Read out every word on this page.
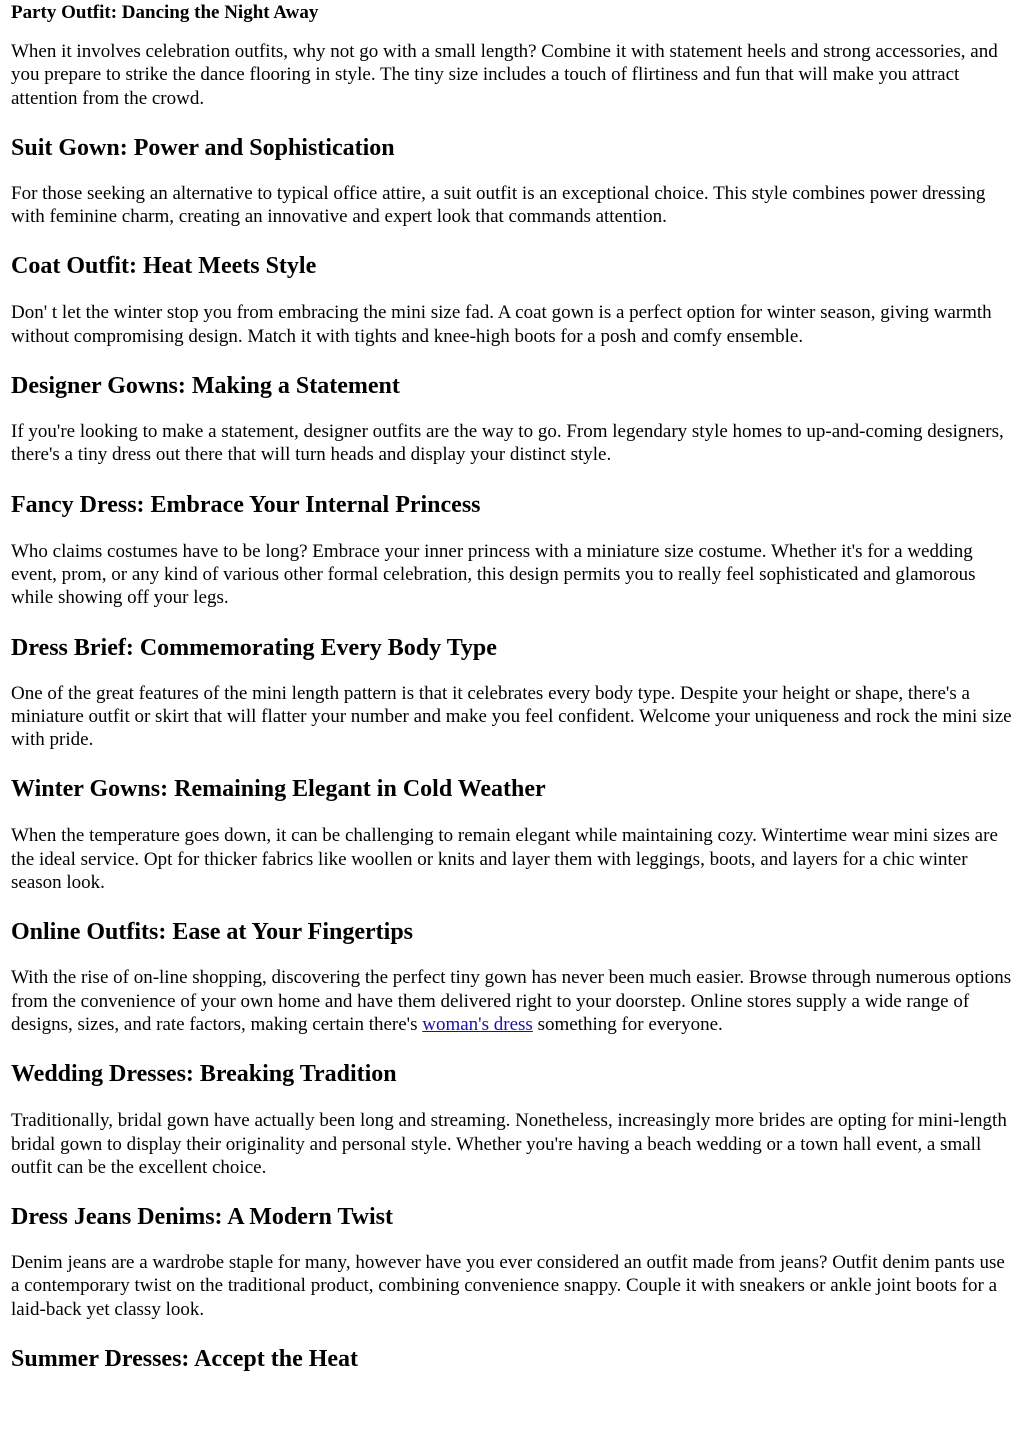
Party Outfit: Dancing the Night Away

When it involves celebration outfits, why not go with a small length? Combine it with statement heels and strong accessories, and you prepare to strike the dance flooring in style. The tiny size includes a touch of flirtiness and fun that will make you attract attention from the crowd.

Suit Gown: Power and Sophistication

For those seeking an alternative to typical office attire, a suit outfit is an exceptional choice. This style combines power dressing with feminine charm, creating an innovative and expert look that commands attention.

Coat Outfit: Heat Meets Style

Don' t let the winter stop you from embracing the mini size fad. A coat gown is a perfect option for winter season, giving warmth without compromising design. Match it with tights and knee-high boots for a posh and comfy ensemble.

Designer Gowns: Making a Statement

If you're looking to make a statement, designer outfits are the way to go. From legendary style homes to up-and-coming designers, there's a tiny dress out there that will turn heads and display your distinct style.

Fancy Dress: Embrace Your Internal Princess

Who claims costumes have to be long? Embrace your inner princess with a miniature size costume. Whether it's for a wedding event, prom, or any kind of various other formal celebration, this design permits you to really feel sophisticated and glamorous while showing off your legs.

Dress Brief: Commemorating Every Body Type

One of the great features of the mini length pattern is that it celebrates every body type. Despite your height or shape, there's a miniature outfit or skirt that will flatter your number and make you feel confident. Welcome your uniqueness and rock the mini size with pride.

Winter Gowns: Remaining Elegant in Cold Weather

When the temperature goes down, it can be challenging to remain elegant while maintaining cozy. Wintertime wear mini sizes are the ideal service. Opt for thicker fabrics like woollen or knits and layer them with leggings, boots, and layers for a chic winter season look.

Online Outfits: Ease at Your Fingertips

With the rise of on-line shopping, discovering the perfect tiny gown has never been much easier. Browse through numerous options from the convenience of your own home and have them delivered right to your doorstep. Online stores supply a wide range of designs, sizes, and rate factors, making certain there's woman's dress something for everyone.

Wedding Dresses: Breaking Tradition

Traditionally, bridal gown have actually been long and streaming. Nonetheless, increasingly more brides are opting for mini-length bridal gown to display their originality and personal style. Whether you're having a beach wedding or a town hall event, a small outfit can be the excellent choice.

Dress Jeans Denims: A Modern Twist

Denim jeans are a wardrobe staple for many, however have you ever considered an outfit made from jeans? Outfit denim pants use a contemporary twist on the traditional product, combining convenience snappy. Couple it with sneakers or ankle joint boots for a laid-back yet classy look.

Summer Dresses: Accept the Heat
